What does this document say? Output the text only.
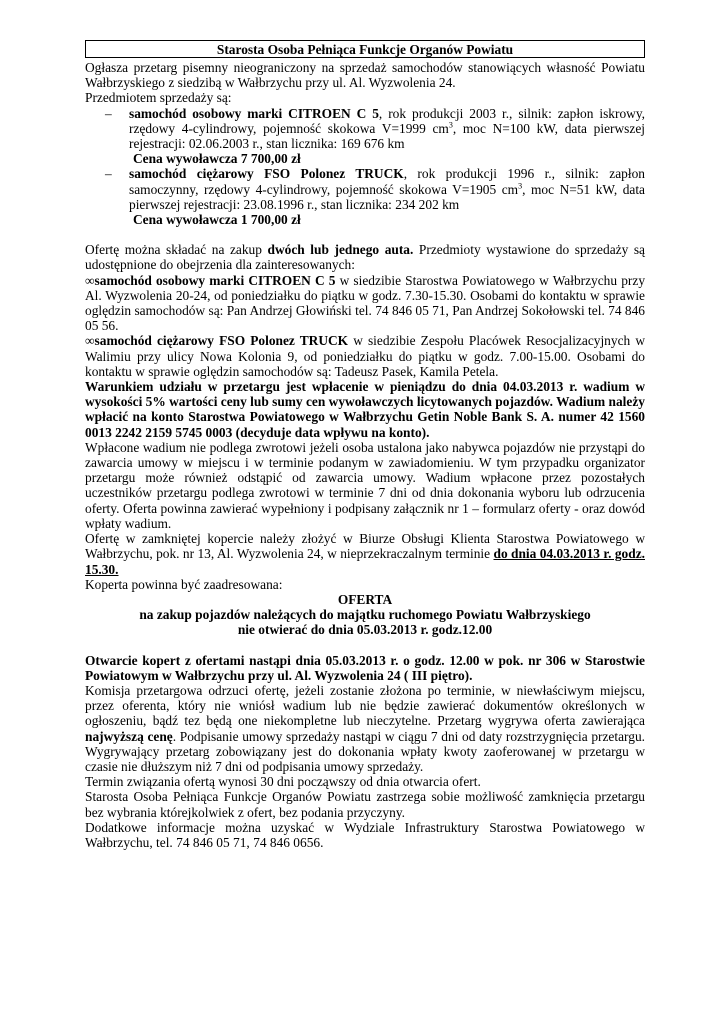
Starosta Osoba Pełniąca Funkcje Organów Powiatu

Ogłasza przetarg pisemny nieograniczony na sprzedaż samochodów stanowiących własność Powiatu Wałbrzyskiego z siedzibą w Wałbrzychu przy ul. Al. Wyzwolenia 24.

Przedmiotem sprzedaży są:

– samochód osobowy marki CITROEN C 5, rok produkcji 2003 r., silnik: zapłon iskrowy, rzędowy 4-cylindrowy, pojemność skokowa V=1999 $cm^3$, moc N=100 kW, data pierwszej rejestracji: 02.06.2003 r., stan licznika: 169 676 km

Cena wywoławcza 7 700,00 zł

– samochód ciężarowy FSO Polonez TRUCK, rok produkcji 1996 r., silnik: zapłon samoczynny, rzędowy 4-cylindrowy, pojemność skokowa V=1905 $cm^3$, moc N=51 kW, data pierwszej rejestracji: 23.08.1996 r., stan licznika: 234 202 km

Cena wywoławcza 1 700,00 zł

Ofertę można składać na zakup dwóch lub jednego auta. Przedmioty wystawione do sprzedaży są udostępnione do obejrzenia dla zainteresowanych:

∞samochód osobowy marki CITROEN C 5 w siedzibie Starostwa Powiatowego w Wałbrzychu przy Al. Wyzwolenia 20-24, od poniedziałku do piątku w godz. 7.30-15.30. Osobami do kontaktu w sprawie oględzin samochodów są: Pan Andrzej Głowiński tel. 74 846 05 71, Pan Andrzej Sokołowski tel. 74 846 05 56.
∞samochód ciężarowy FSO Polonez TRUCK w siedzibie Zespołu Placówek Resocjalizacyjnych w Walimiu przy ulicy Nowa Kolonia 9, od poniedziałku do piątku w godz. 7.00-15.00. Osobami do kontaktu w sprawie oględzin samochodów są: Tadeusz Pasek, Kamila Petela.

Warunkiem udziału w przetargu jest wpłacenie w pieniądzu do dnia 04.03.2013 r. wadium w wysokości 5% wartości ceny lub sumy cen wywoławczych licytowanych pojazdów. Wadium należy wpłacić na konto Starostwa Powiatowego w Wałbrzychu Getin Noble Bank S. A. numer 42 1560 0013 2242 2159 5745 0003 (decyduje data wpływu na konto).

Wpłacone wadium nie podlega zwrotowi jeżeli osoba ustalona jako nabywca pojazdów nie przystąpi do zawarcia umowy w miejscu i w terminie podanym w zawiadomieniu. W tym przypadku organizator przetargu może również odstąpić od zawarcia umowy. Wadium wpłacone przez pozostałych uczestników przetargu podlega zwrotowi w terminie 7 dni od dnia dokonania wyboru lub odrzucenia oferty. Oferta powinna zawierać wypełniony i podpisany załącznik nr 1 – formularz oferty - oraz dowód wpłaty wadium.

Ofertę w zamkniętej kopercie należy złożyć w Biurze Obsługi Klienta Starostwa Powiatowego w Wałbrzychu, pok. nr 13, Al. Wyzwolenia 24, w nieprzekraczalnym terminie do dnia 04.03.2013 r. godz. 15.30.

Koperta powinna być zaadresowana:

OFERTA

na zakup pojazdów należących do majątku ruchomego Powiatu Wałbrzyskiego

nie otwierać do dnia 05.03.2013 r. godz.12.00

Otwarcie kopert z ofertami nastąpi dnia 05.03.2013 r. o godz. 12.00 w pok. nr 306 w Starostwie Powiatowym w Wałbrzychu przy ul. Al. Wyzwolenia 24 ( III piętro).

Komisja przetargowa odrzuci ofertę, jeżeli zostanie złożona po terminie, w niewłaściwym miejscu, przez oferenta, który nie wniósł wadium lub nie będzie zawierać dokumentów określonych w ogłoszeniu, bądź tez będą one niekompletne lub nieczytelne. Przetarg wygrywa oferta zawierająca najwyższą cenę. Podpisanie umowy sprzedaży nastąpi w ciągu 7 dni od daty rozstrzygnięcia przetargu. Wygrywający przetarg zobowiązany jest do dokonania wpłaty kwoty zaoferowanej w przetargu w czasie nie dłuższym niż 7 dni od podpisania umowy sprzedaży.

Termin związania ofertą wynosi 30 dni począwszy od dnia otwarcia ofert.

Starosta Osoba Pełniąca Funkcje Organów Powiatu zastrzega sobie możliwość zamknięcia przetargu bez wybrania którejkolwiek z ofert, bez podania przyczyny.

Dodatkowe informacje można uzyskać w Wydziale Infrastruktury Starostwa Powiatowego w Wałbrzychu, tel. 74 846 05 71, 74 846 0656.
